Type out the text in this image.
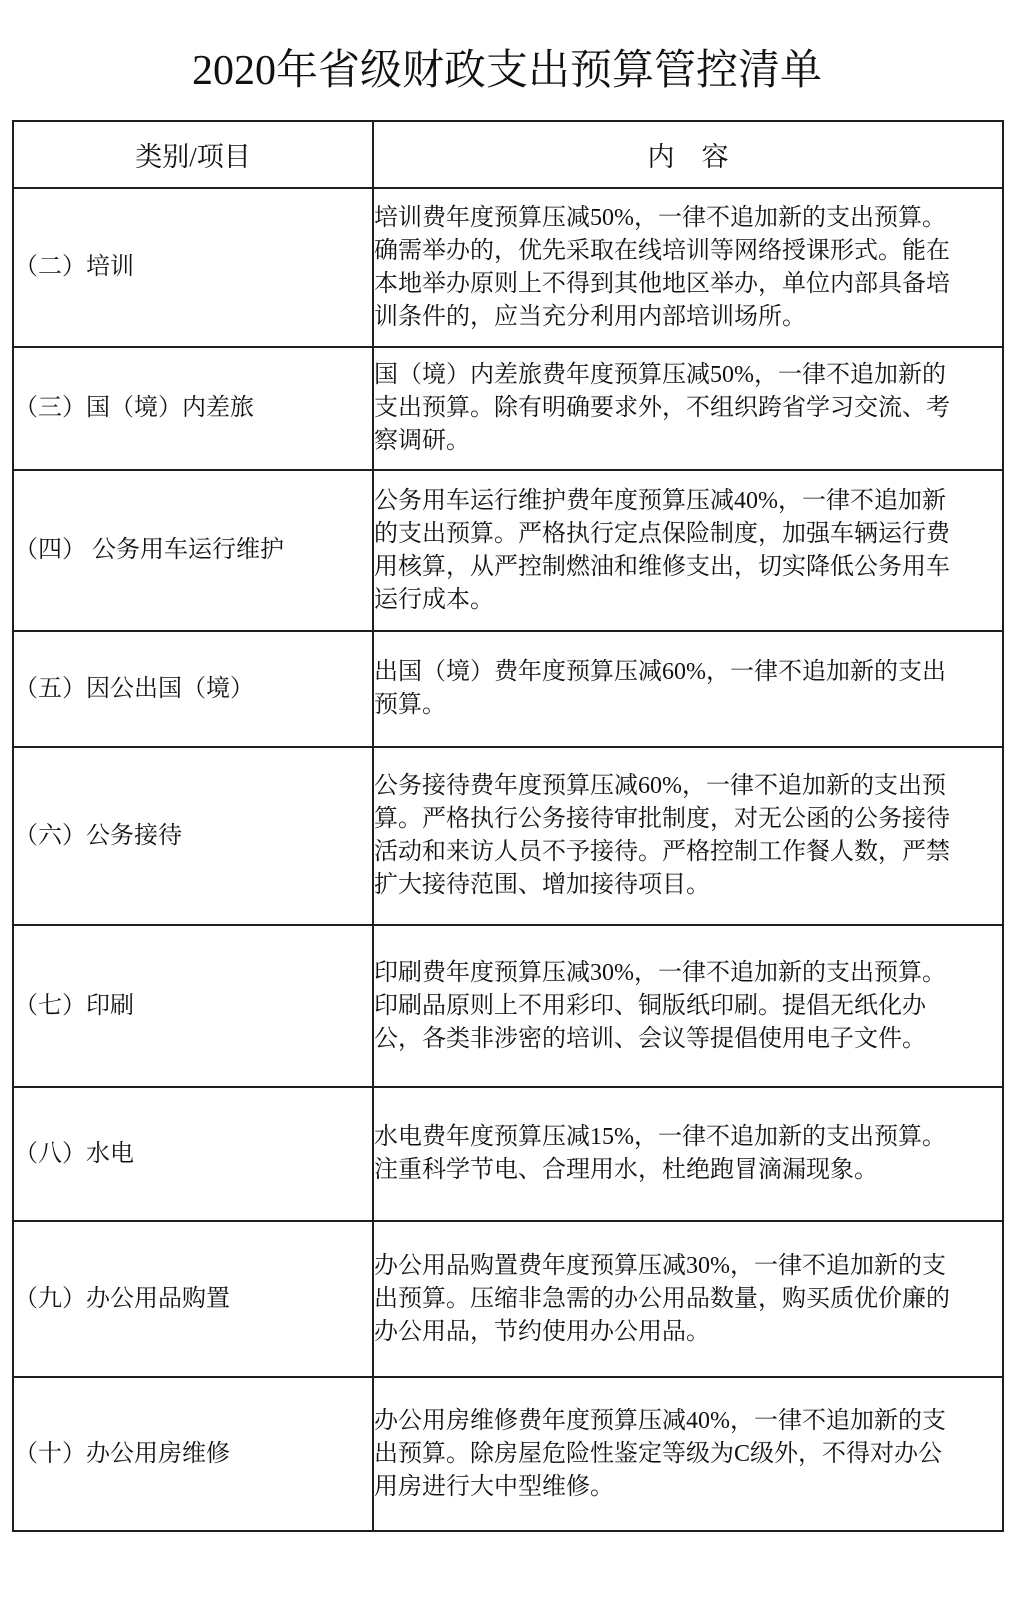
2020年省级财政支出预算管控清单
类别/项目	内　容
（二）培训	培训费年度预算压减50%，一律不追加新的支出预算。
确需举办的，优先采取在线培训等网络授课形式。能在
本地举办原则上不得到其他地区举办，单位内部具备培
训条件的，应当充分利用内部培训场所。

（三）国（境）内差旅	国（境）内差旅费年度预算压减50%，一律不追加新的
支出预算。除有明确要求外，不组织跨省学习交流、考
察调研。

（四） 公务用车运行维护	公务用车运行维护费年度预算压减40%，一律不追加新
的支出预算。严格执行定点保险制度，加强车辆运行费
用核算，从严控制燃油和维修支出，切实降低公务用车
运行成本。

（五）因公出国（境）	出国（境）费年度预算压减60%，一律不追加新的支出
预算。

（六）公务接待	公务接待费年度预算压减60%，一律不追加新的支出预
算。严格执行公务接待审批制度，对无公函的公务接待
活动和来访人员不予接待。严格控制工作餐人数，严禁
扩大接待范围、增加接待项目。

（七）印刷	印刷费年度预算压减30%，一律不追加新的支出预算。
印刷品原则上不用彩印、铜版纸印刷。提倡无纸化办
公，各类非涉密的培训、会议等提倡使用电子文件。

（八）水电	水电费年度预算压减15%，一律不追加新的支出预算。
注重科学节电、合理用水，杜绝跑冒滴漏现象。

（九）办公用品购置	办公用品购置费年度预算压减30%，一律不追加新的支
出预算。压缩非急需的办公用品数量，购买质优价廉的
办公用品，节约使用办公用品。

（十）办公用房维修	办公用房维修费年度预算压减40%，一律不追加新的支
出预算。除房屋危险性鉴定等级为C级外，不得对办公
用房进行大中型维修。
